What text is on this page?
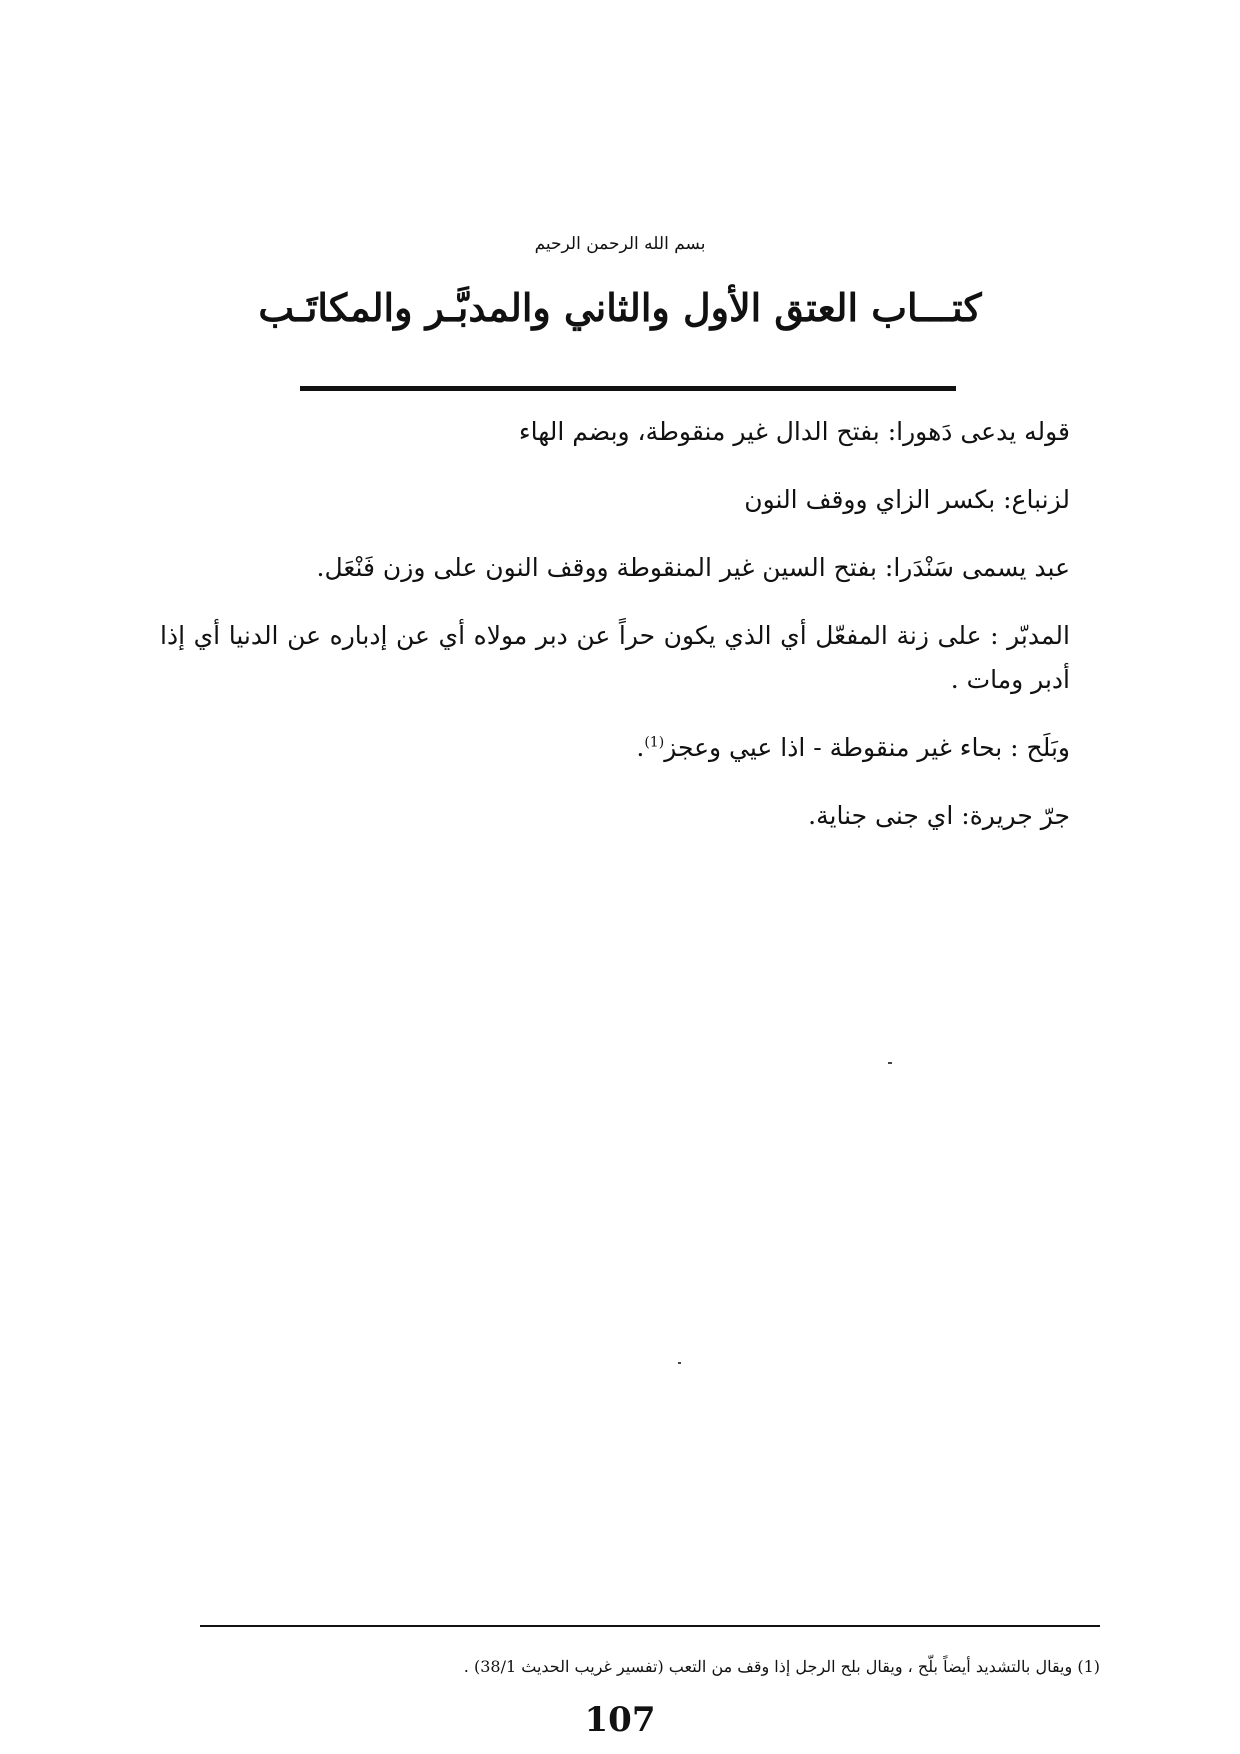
بسم الله الرحمن الرحيم
كتـــاب العتق الأول والثاني والمدبَّـر والمكاتَـب

قوله يدعى دَهورا: بفتح الدال غير منقوطة، وبضم الهاء

لزنباع: بكسر الزاي ووقف النون

عبد يسمى سَنْدَرا: بفتح السين غير المنقوطة ووقف النون على وزن فَنْعَل.

المدبّر : على زنة المفعّل أي الذي يكون حراً عن دبر مولاه أي عن إدباره عن الدنيا أي إذا أدبر ومات .

وبَلَح : بحاء غير منقوطة - اذا عيي وعجز$^{(1)}$.

جرّ جريرة: اي جنى جناية.

(1) ويقال بالتشديد أيضاً بلّح ، ويقال بلح الرجل إذا وقف من التعب (تفسير غريب الحديث 38/1) .
107
